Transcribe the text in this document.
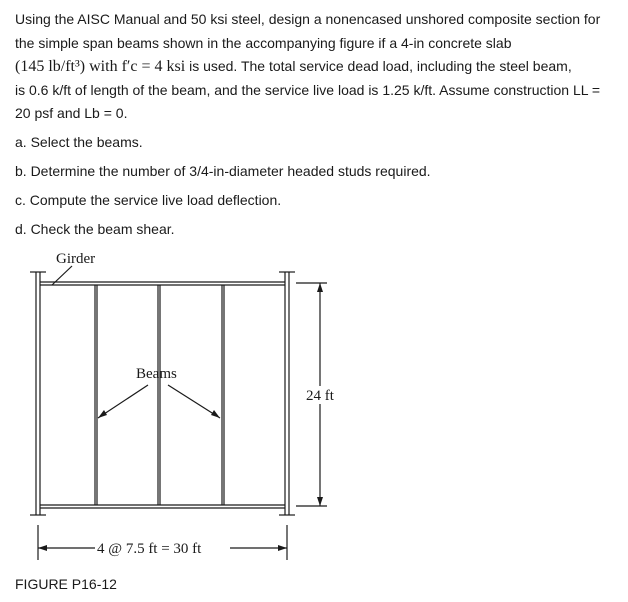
Using the AISC Manual and 50 ksi steel, design a nonencased unshored composite section for

the simple span beams shown in the accompanying figure if a 4-in concrete slab

(145 lb/ft³) with f′c = 4 ksi is used. The total service dead load, including the steel beam,

is 0.6 k/ft of length of the beam, and the service live load is 1.25 k/ft. Assume construction LL =

20 psf and Lb = 0.

a. Select the beams.
b. Determine the number of 3/4-in-diameter headed studs required.
c. Compute the service live load deflection.
d. Check the beam shear.
Girder
Beams
24 ft
4 @ 7.5 ft = 30 ft
FIGURE P16-12
